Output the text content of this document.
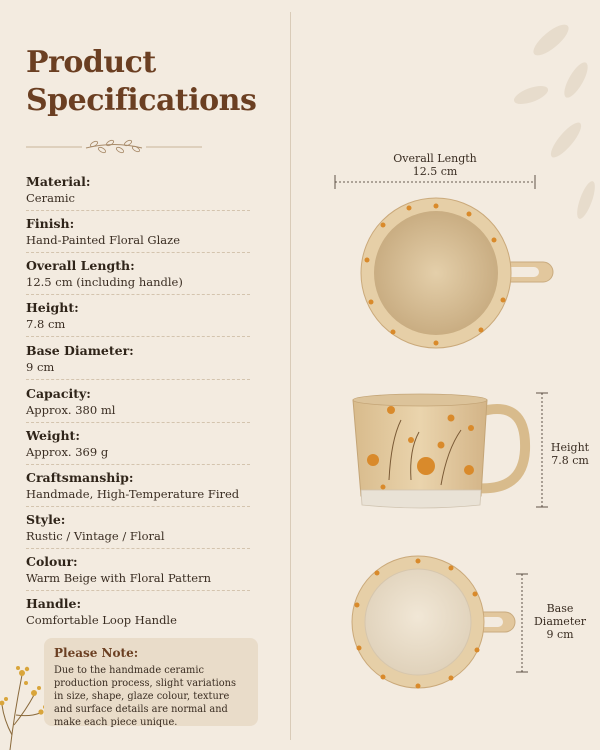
Product
Specifications
Material:
Ceramic
Finish:
Hand-Painted Floral Glaze
Overall Length:
12.5 cm (including handle)
Height:
7.8 cm
Base Diameter:
9 cm
Capacity:
Approx. 380 ml
Weight:
Approx. 369 g
Craftsmanship:
Handmade, High-Temperature Fired
Style:
Rustic / Vintage / Floral
Colour:
Warm Beige with Floral Pattern
Handle:
Comfortable Loop Handle
Please Note:
Due to the handmade ceramic production process, slight variations in size, shape, glaze colour, texture and surface details are normal and make each piece unique.
Overall Length
12.5 cm
Height
7.8 cm
Base
Diameter
9 cm
